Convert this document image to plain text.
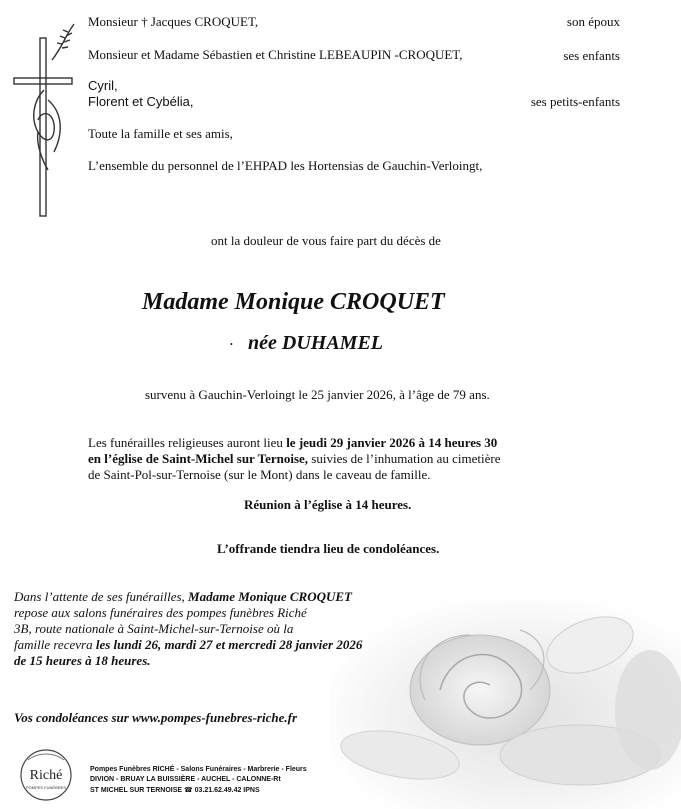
Monsieur † Jacques CROQUET,	son époux
Monsieur et Madame Sébastien et Christine LEBEAUPIN -CROQUET,	ses enfants
Cyril,
Florent et Cybélia,	ses petits-enfants
Toute la famille et ses amis,
L’ensemble du personnel de l’EHPAD les Hortensias de Gauchin-Verloingt,
ont la douleur de vous faire part du décès de
Madame Monique CROQUET
• née DUHAMEL
survenu à Gauchin-Verloingt le 25 janvier 2026, à l’âge de 79 ans.
Les funérailles religieuses auront lieu le jeudi 29 janvier 2026 à 14 heures 30
en l’église de Saint-Michel sur Ternoise, suivies de l’inhumation au cimetière
de Saint-Pol-sur-Ternoise (sur le Mont) dans le caveau de famille.
Réunion à l’église à 14 heures.
L’offrande tiendra lieu de condoléances.
Dans l’attente de ses funérailles, Madame Monique CROQUET
repose aux salons funéraires des pompes funèbres Riché
3B, route nationale à Saint-Michel-sur-Ternoise où la
famille recevra les lundi 26, mardi 27 et mercredi 28 janvier 2026
de 15 heures à 18 heures.
Vos condoléances sur www.pompes-funebres-riche.fr
Riché
POMPES FUNÈBRES
Pompes Funèbres RICHÉ - Salons Funéraires - Marbrerie - Fleurs
DIVION - BRUAY LA BUISSIÈRE - AUCHEL - CALONNE-Rt
ST MICHEL SUR TERNOISE ☎ 03.21.62.49.42 IPNS
